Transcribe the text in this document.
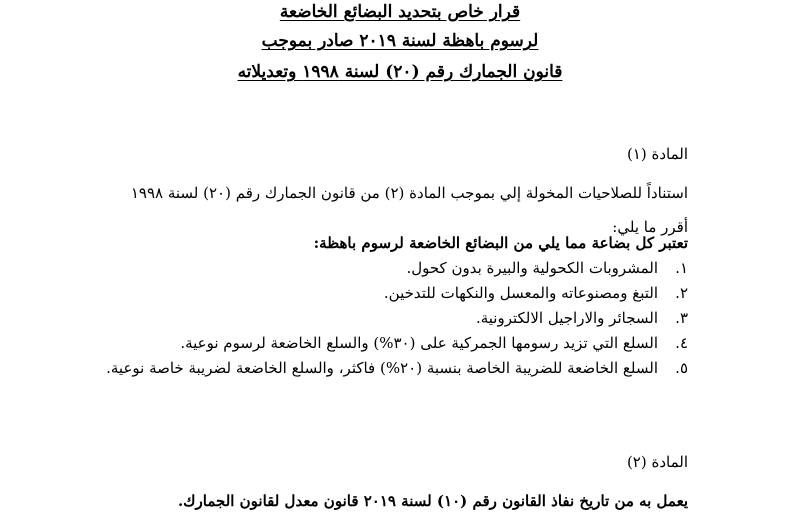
قرار خاص بتحديد البضائع الخاضعة
لرسوم باهظة لسنة ٢٠١٩ صادر بموجب
قانون الجمارك رقم (٢٠) لسنة ١٩٩٨ وتعديلاته
المادة (١)
استناداً للصلاحيات المخولة إلي بموجب المادة (٢) من قانون الجمارك رقم (٢٠) لسنة ١٩٩٨
أقرر ما يلي:
تعتبر كل بضاعة مما يلي من البضائع الخاضعة لرسوم باهظة:
١.
المشروبات الكحولية والبيرة بدون كحول.
٢.
التبغ ومصنوعاته والمعسل والنكهات للتدخين.
٣.
السجائر والاراجيل الالكترونية.
٤.
السلع التي تزيد رسومها الجمركية على (٣٠%) والسلع الخاضعة لرسوم نوعية.
٥.
السلع الخاضعة للضريبة الخاصة بنسبة (٢٠%) فاكثر، والسلع الخاضعة لضريبة خاصة نوعية.
المادة (٢)
يعمل به من تاريخ نفاذ القانون رقم (١٠) لسنة ٢٠١٩ قانون معدل لقانون الجمارك.
